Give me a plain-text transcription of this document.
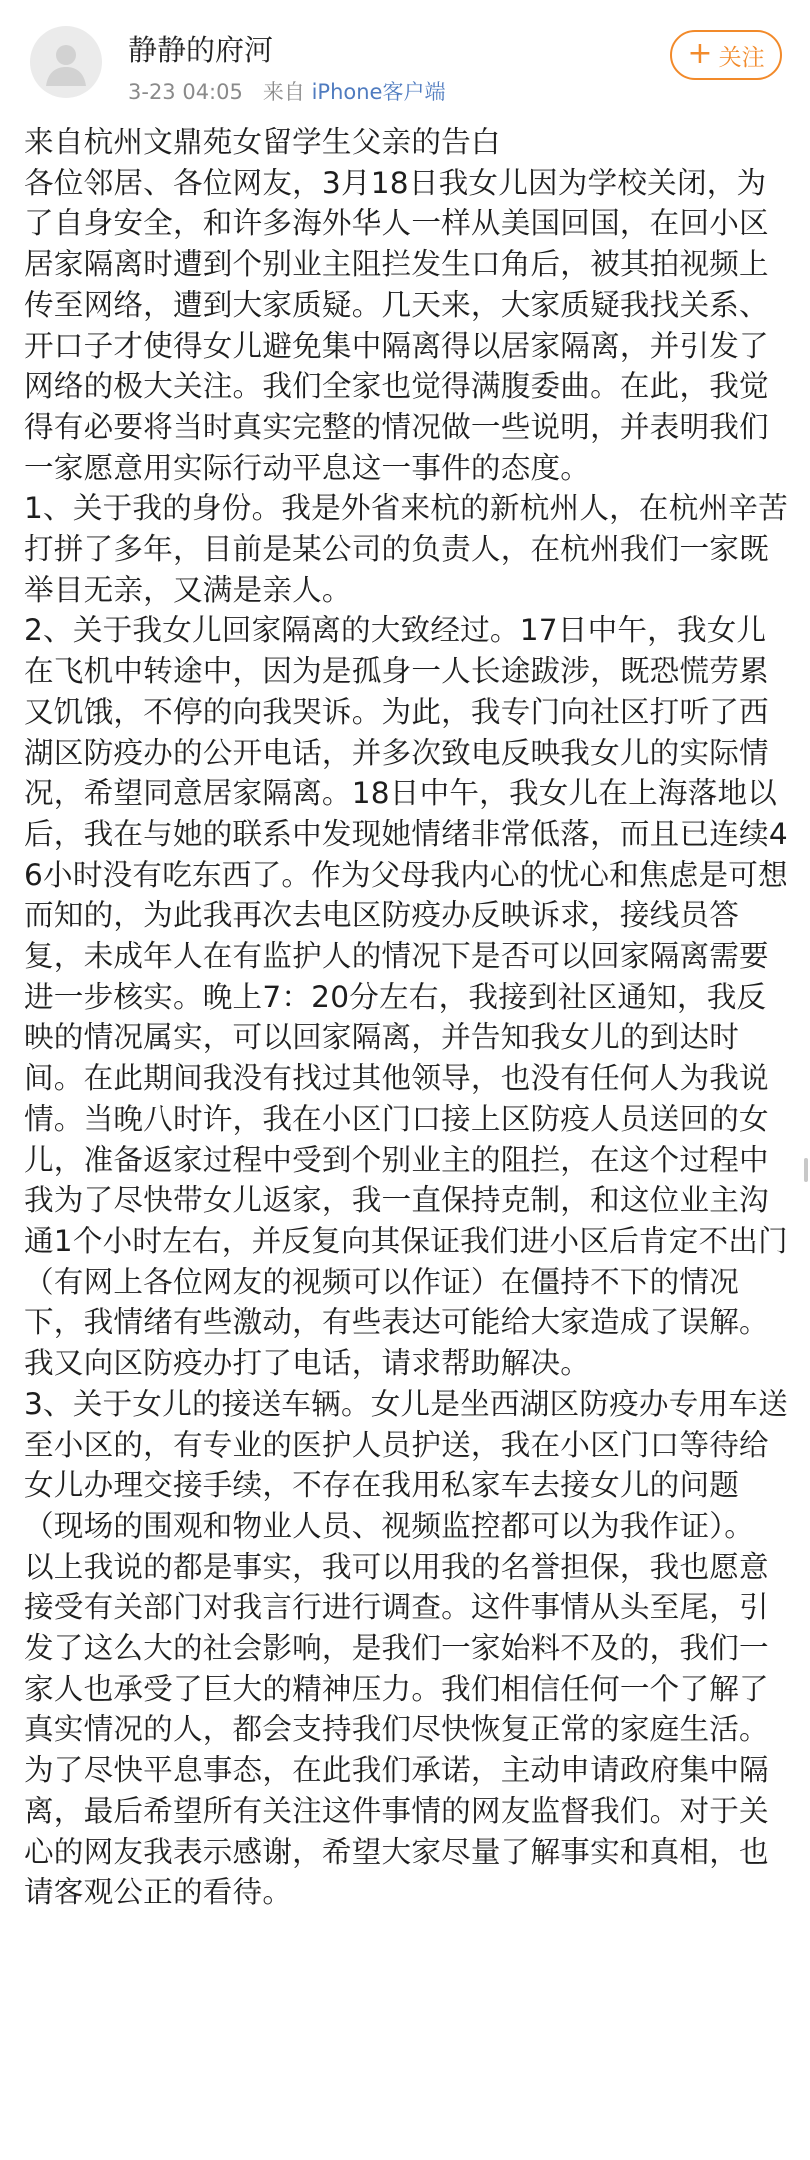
静静的府河
3-23 04:05 来自 iPhone客户端
+ 关注

来自杭州文鼎苑女留学生父亲的告白

各位邻居、各位网友，3月18日我女儿因为学校关闭，为了自身安全，和许多海外华人一样从美国回国，在回小区居家隔离时遭到个别业主阻拦发生口角后，被其拍视频上传至网络，遭到大家质疑。几天来，大家质疑我找关系、开口子才使得女儿避免集中隔离得以居家隔离，并引发了网络的极大关注。我们全家也觉得满腹委曲。在此，我觉得有必要将当时真实完整的情况做一些说明，并表明我们一家愿意用实际行动平息这一事件的态度。

1、关于我的身份。我是外省来杭的新杭州人，在杭州辛苦打拼了多年，目前是某公司的负责人，在杭州我们一家既举目无亲，又满是亲人。

2、关于我女儿回家隔离的大致经过。17日中午，我女儿在飞机中转途中，因为是孤身一人长途跋涉，既恐慌劳累又饥饿，不停的向我哭诉。为此，我专门向社区打听了西湖区防疫办的公开电话，并多次致电反映我女儿的实际情况，希望同意居家隔离。18日中午，我女儿在上海落地以后，我在与她的联系中发现她情绪非常低落，而且已连续46小时没有吃东西了。作为父母我内心的忧心和焦虑是可想而知的，为此我再次去电区防疫办反映诉求，接线员答复，未成年人在有监护人的情况下是否可以回家隔离需要进一步核实。晚上7：20分左右，我接到社区通知，我反映的情况属实，可以回家隔离，并告知我女儿的到达时间。在此期间我没有找过其他领导，也没有任何人为我说情。当晚八时许，我在小区门口接上区防疫人员送回的女儿，准备返家过程中受到个别业主的阻拦，在这个过程中我为了尽快带女儿返家，我一直保持克制，和这位业主沟通1个小时左右，并反复向其保证我们进小区后肯定不出门（有网上各位网友的视频可以作证）在僵持不下的情况下，我情绪有些激动，有些表达可能给大家造成了误解。我又向区防疫办打了电话，请求帮助解决。

3、关于女儿的接送车辆。女儿是坐西湖区防疫办专用车送至小区的，有专业的医护人员护送，我在小区门口等待给女儿办理交接手续，不存在我用私家车去接女儿的问题（现场的围观和物业人员、视频监控都可以为我作证）。

以上我说的都是事实，我可以用我的名誉担保，我也愿意接受有关部门对我言行进行调查。这件事情从头至尾，引发了这么大的社会影响，是我们一家始料不及的，我们一家人也承受了巨大的精神压力。我们相信任何一个了解了真实情况的人，都会支持我们尽快恢复正常的家庭生活。为了尽快平息事态，在此我们承诺，主动申请政府集中隔离，最后希望所有关注这件事情的网友监督我们。对于关心的网友我表示感谢，希望大家尽量了解事实和真相，也请客观公正的看待。
